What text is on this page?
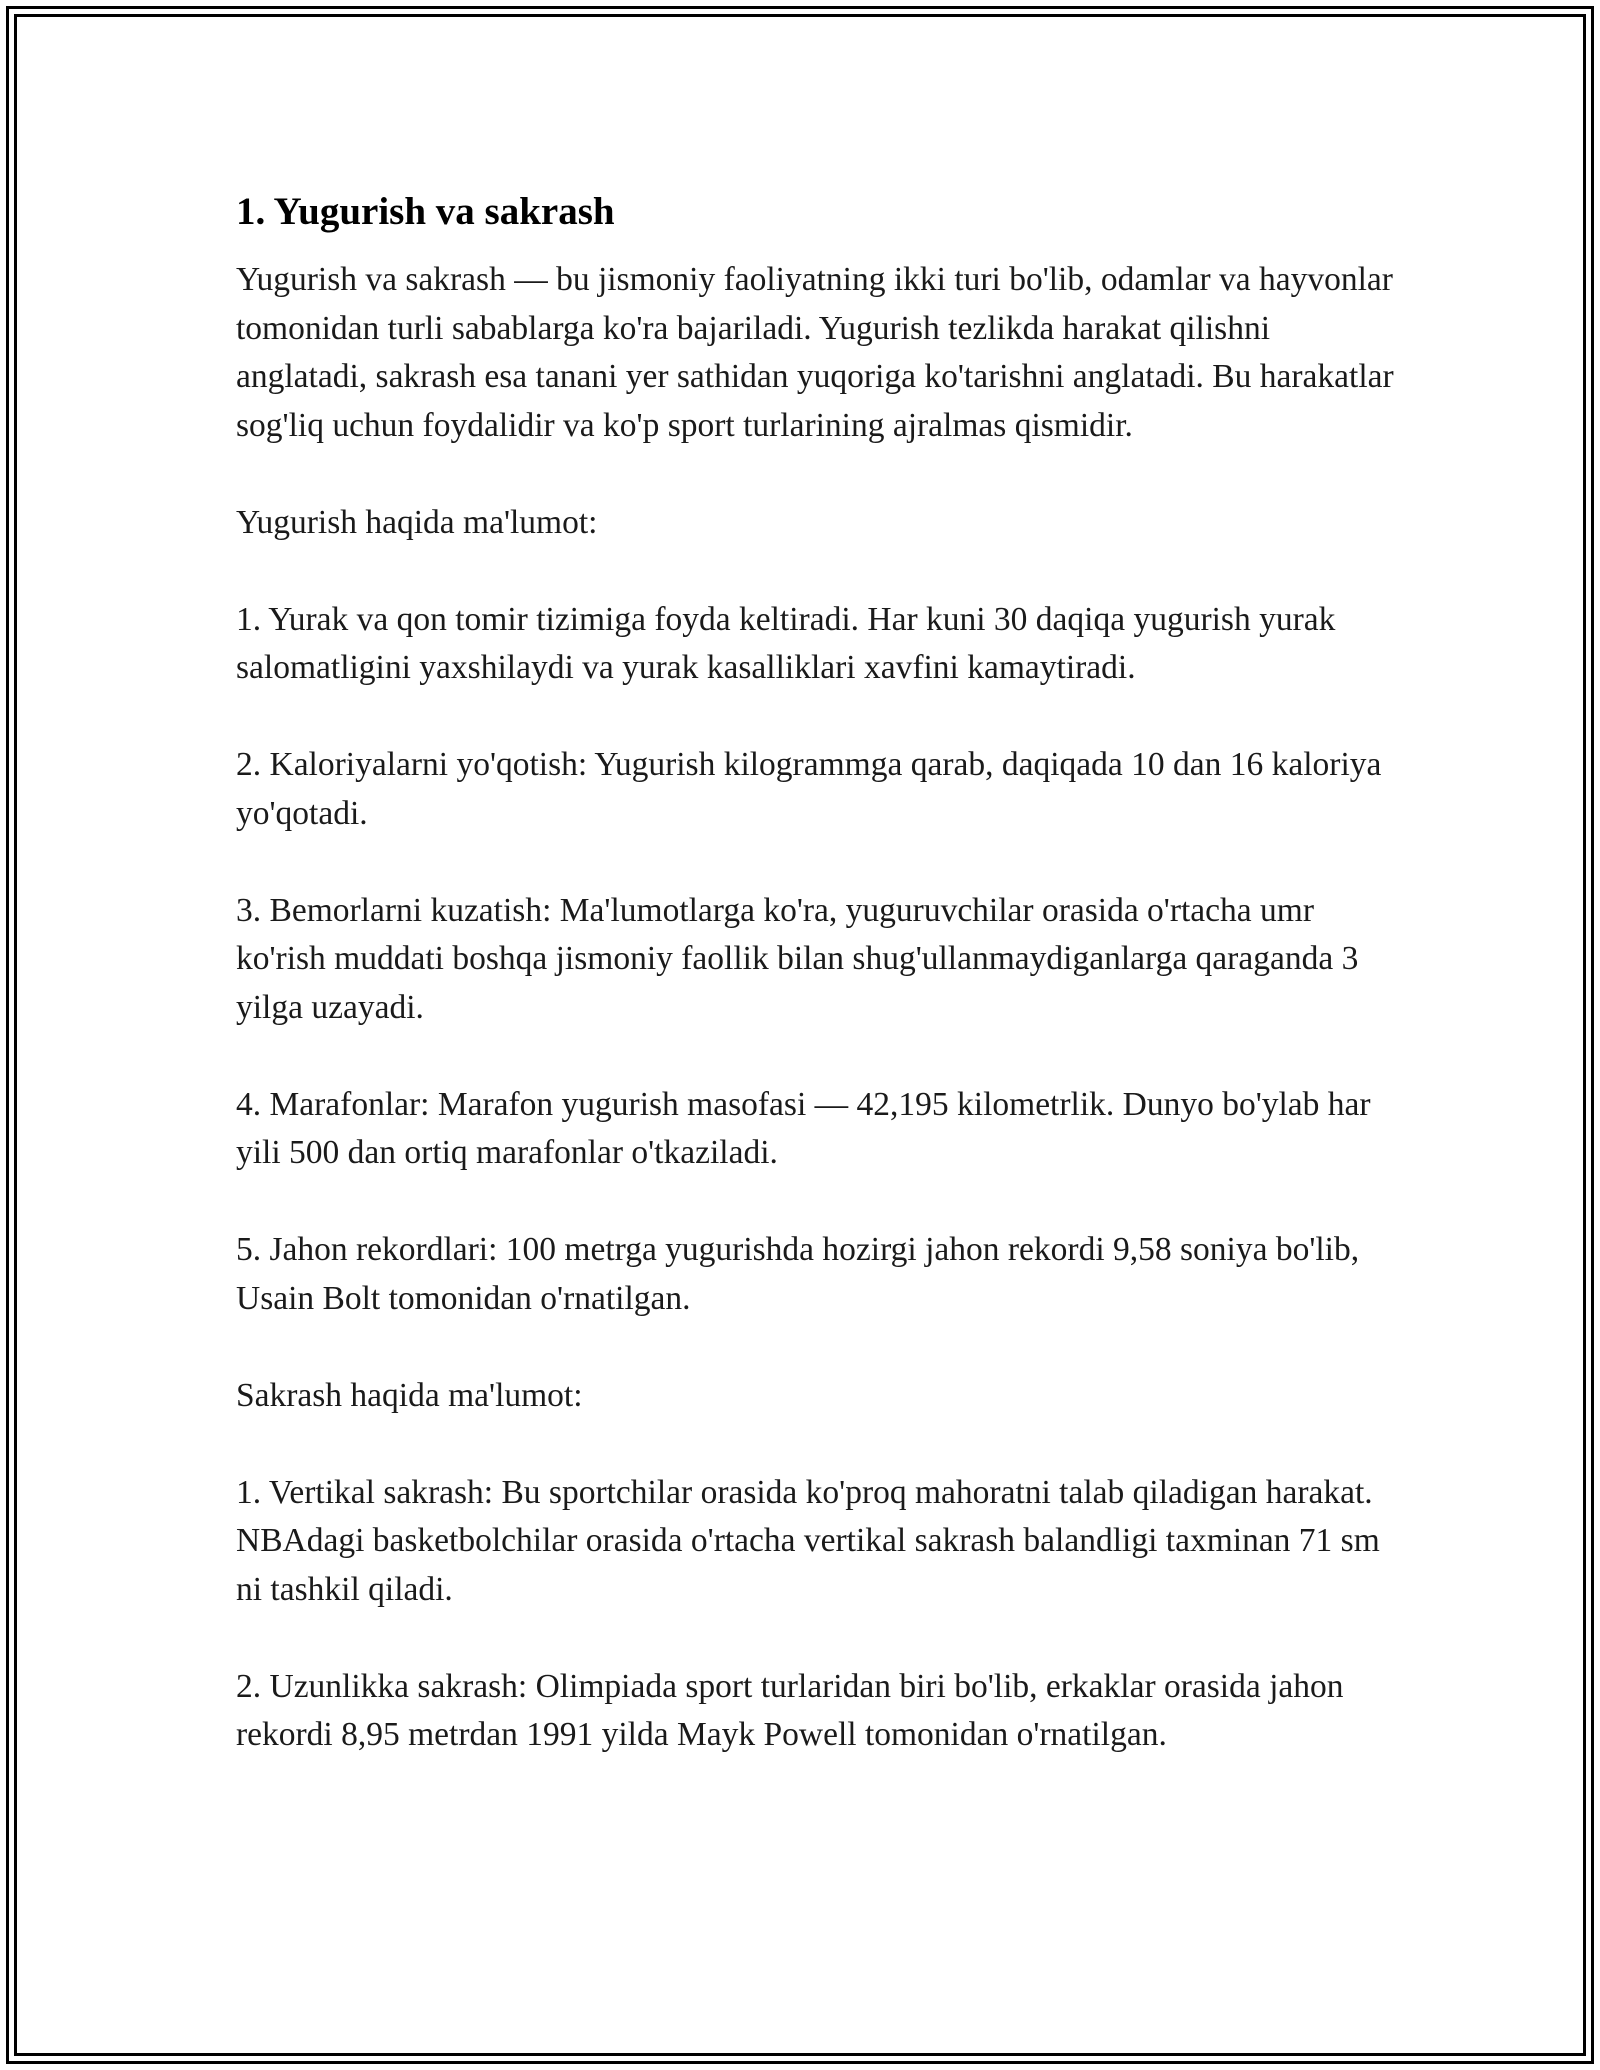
1. Yugurish va sakrash

Yugurish va sakrash — bu jismoniy faoliyatning ikki turi bo'lib, odamlar va hayvonlar tomonidan turli sabablarga ko'ra bajariladi. Yugurish tezlikda harakat qilishni anglatadi, sakrash esa tanani yer sathidan yuqoriga ko'tarishni anglatadi. Bu harakatlar sog'liq uchun foydalidir va ko'p sport turlarining ajralmas qismidir.

Yugurish haqida ma'lumot:

1. Yurak va qon tomir tizimiga foyda keltiradi. Har kuni 30 daqiqa yugurish yurak salomatligini yaxshilaydi va yurak kasalliklari xavfini kamaytiradi.

2. Kaloriyalarni yo'qotish: Yugurish kilogrammga qarab, daqiqada 10 dan 16 kaloriya yo'qotadi.

3. Bemorlarni kuzatish: Ma'lumotlarga ko'ra, yuguruvchilar orasida o'rtacha umr ko'rish muddati boshqa jismoniy faollik bilan shug'ullanmaydiganlarga qaraganda 3 yilga uzayadi.

4. Marafonlar: Marafon yugurish masofasi — 42,195 kilometrlik. Dunyo bo'ylab har yili 500 dan ortiq marafonlar o'tkaziladi.

5. Jahon rekordlari: 100 metrga yugurishda hozirgi jahon rekordi 9,58 soniya bo'lib, Usain Bolt tomonidan o'rnatilgan.

Sakrash haqida ma'lumot:

1. Vertikal sakrash: Bu sportchilar orasida ko'proq mahoratni talab qiladigan harakat. NBAdagi basketbolchilar orasida o'rtacha vertikal sakrash balandligi taxminan 71 sm ni tashkil qiladi.

2. Uzunlikka sakrash: Olimpiada sport turlaridan biri bo'lib, erkaklar orasida jahon rekordi 8,95 metrdan 1991 yilda Mayk Powell tomonidan o'rnatilgan.
